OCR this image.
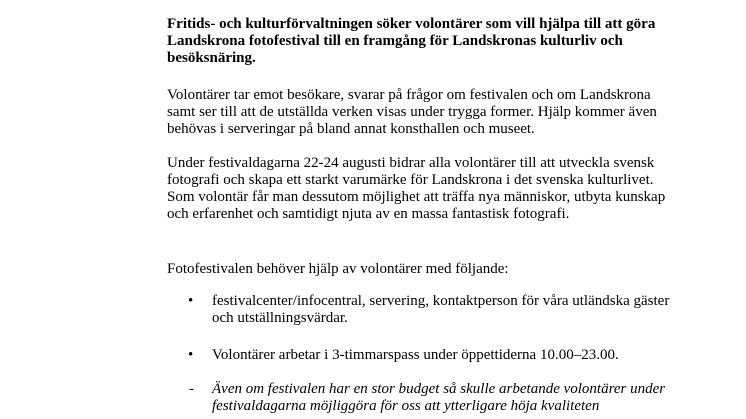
Fritids- och kulturförvaltningen söker volontärer som vill hjälpa till att göra Landskrona fotofestival till en framgång för Landskronas kulturliv och besöksnäring.

Volontärer tar emot besökare, svarar på frågor om festivalen och om Landskrona samt ser till att de utställda verken visas under trygga former. Hjälp kommer även behövas i serveringar på bland annat konsthallen och museet.

Under festivaldagarna 22-24 augusti bidrar alla volontärer till att utveckla svensk fotografi och skapa ett starkt varumärke för Landskrona i det svenska kulturlivet. Som volontär får man dessutom möjlighet att träffa nya människor, utbyta kunskap och erfarenhet och samtidigt njuta av en massa fantastisk fotografi.

Fotofestivalen behöver hjälp av volontärer med följande:

• festivalcenter/infocentral, servering, kontaktperson för våra utländska gäster och utställningsvärdar.

• Volontärer arbetar i 3-timmarspass under öppettiderna 10.00–23.00.

- Även om festivalen har en stor budget så skulle arbetande volontärer under festivaldagarna möjliggöra för oss att ytterligare höja kvaliteten
